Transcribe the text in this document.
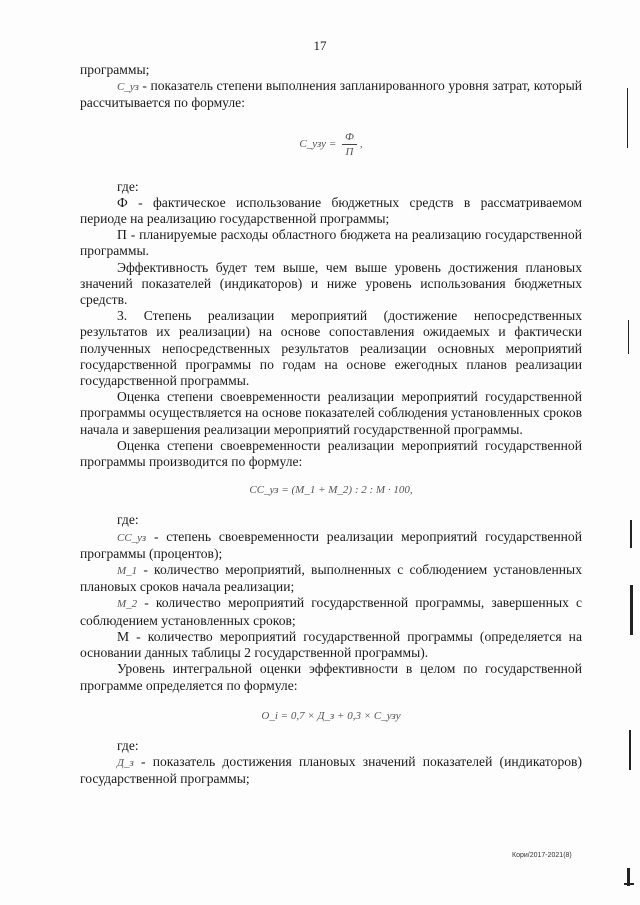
17

программы;

C_уз - показатель степени выполнения запланированного уровня затрат, который рассчитывается по формуле:

C_узу = $\frac{Ф}{П}$ ,

где:

Ф - фактическое использование бюджетных средств в рассматриваемом периоде на реализацию государственной программы;

П - планируемые расходы областного бюджета на реализацию государственной программы.

Эффективность будет тем выше, чем выше уровень достижения плановых значений показателей (индикаторов) и ниже уровень использования бюджетных средств.

3. Степень реализации мероприятий (достижение непосредственных результатов их реализации) на основе сопоставления ожидаемых и фактически полученных непосредственных результатов реализации основных мероприятий государственной программы по годам на основе ежегодных планов реализации государственной программы.

Оценка степени своевременности реализации мероприятий государственной программы осуществляется на основе показателей соблюдения установленных сроков начала и завершения реализации мероприятий государственной программы.

Оценка степени своевременности реализации мероприятий государственной программы производится по формуле:

CC_уз = (M_1 + M_2) : 2 : M · 100,

где:

CC_уз - степень своевременности реализации мероприятий государственной программы (процентов);

M_1 - количество мероприятий, выполненных с соблюдением установленных плановых сроков начала реализации;

M_2 - количество мероприятий государственной программы, завершенных с соблюдением установленных сроков;

М - количество мероприятий государственной программы (определяется на основании данных таблицы 2 государственной программы).

Уровень интегральной оценки эффективности в целом по государственной программе определяется по формуле:

O_i = 0,7 × Д_з + 0,3 × C_узу

где:

Д_з - показатель достижения плановых значений показателей (индикаторов) государственной программы;

Кори/2017-2021(8)
